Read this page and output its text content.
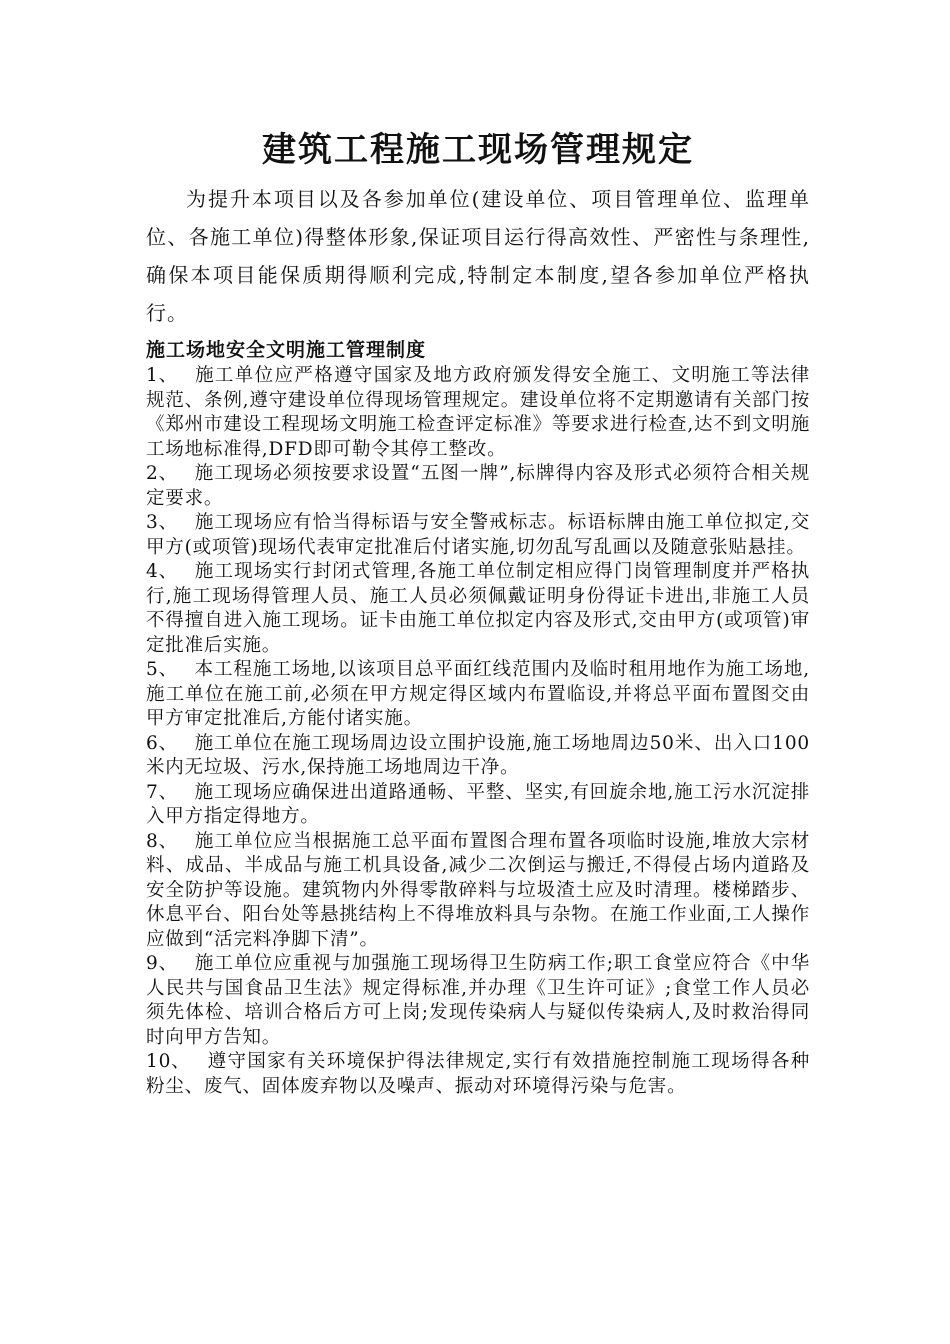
建筑工程施工现场管理规定

为提升本项目以及各参加单位(建设单位、项目管理单位、监理单位、各施工单位)得整体形象,保证项目运行得高效性、严密性与条理性,确保本项目能保质期得顺利完成,特制定本制度,望各参加单位严格执行。

施工场地安全文明施工管理制度
1、 施工单位应严格遵守国家及地方政府颁发得安全施工、文明施工等法律规范、条例,遵守建设单位得现场管理规定。建设单位将不定期邀请有关部门按《郑州市建设工程现场文明施工检查评定标准》等要求进行检查,达不到文明施工场地标准得,DFD即可勒令其停工整改。
2、 施工现场必须按要求设置“五图一牌”,标牌得内容及形式必须符合相关规定要求。
3、 施工现场应有恰当得标语与安全警戒标志。标语标牌由施工单位拟定,交甲方(或项管)现场代表审定批准后付诸实施,切勿乱写乱画以及随意张贴悬挂。
4、 施工现场实行封闭式管理,各施工单位制定相应得门岗管理制度并严格执行,施工现场得管理人员、施工人员必须佩戴证明身份得证卡进出,非施工人员不得擅自进入施工现场。证卡由施工单位拟定内容及形式,交由甲方(或项管)审定批准后实施。
5、 本工程施工场地,以该项目总平面红线范围内及临时租用地作为施工场地,施工单位在施工前,必须在甲方规定得区域内布置临设,并将总平面布置图交由甲方审定批准后,方能付诸实施。
6、 施工单位在施工现场周边设立围护设施,施工场地周边50米、出入口100米内无垃圾、污水,保持施工场地周边干净。
7、 施工现场应确保进出道路通畅、平整、坚实,有回旋余地,施工污水沉淀排入甲方指定得地方。
8、 施工单位应当根据施工总平面布置图合理布置各项临时设施,堆放大宗材料、成品、半成品与施工机具设备,减少二次倒运与搬迁,不得侵占场内道路及安全防护等设施。建筑物内外得零散碎料与垃圾渣土应及时清理。楼梯踏步、休息平台、阳台处等悬挑结构上不得堆放料具与杂物。在施工作业面,工人操作应做到“活完料净脚下清”。
9、 施工单位应重视与加强施工现场得卫生防病工作;职工食堂应符合《中华人民共与国食品卫生法》规定得标准,并办理《卫生许可证》;食堂工作人员必须先体检、培训合格后方可上岗;发现传染病人与疑似传染病人,及时救治得同时向甲方告知。
10、 遵守国家有关环境保护得法律规定,实行有效措施控制施工现场得各种粉尘、废气、固体废弃物以及噪声、振动对环境得污染与危害。
